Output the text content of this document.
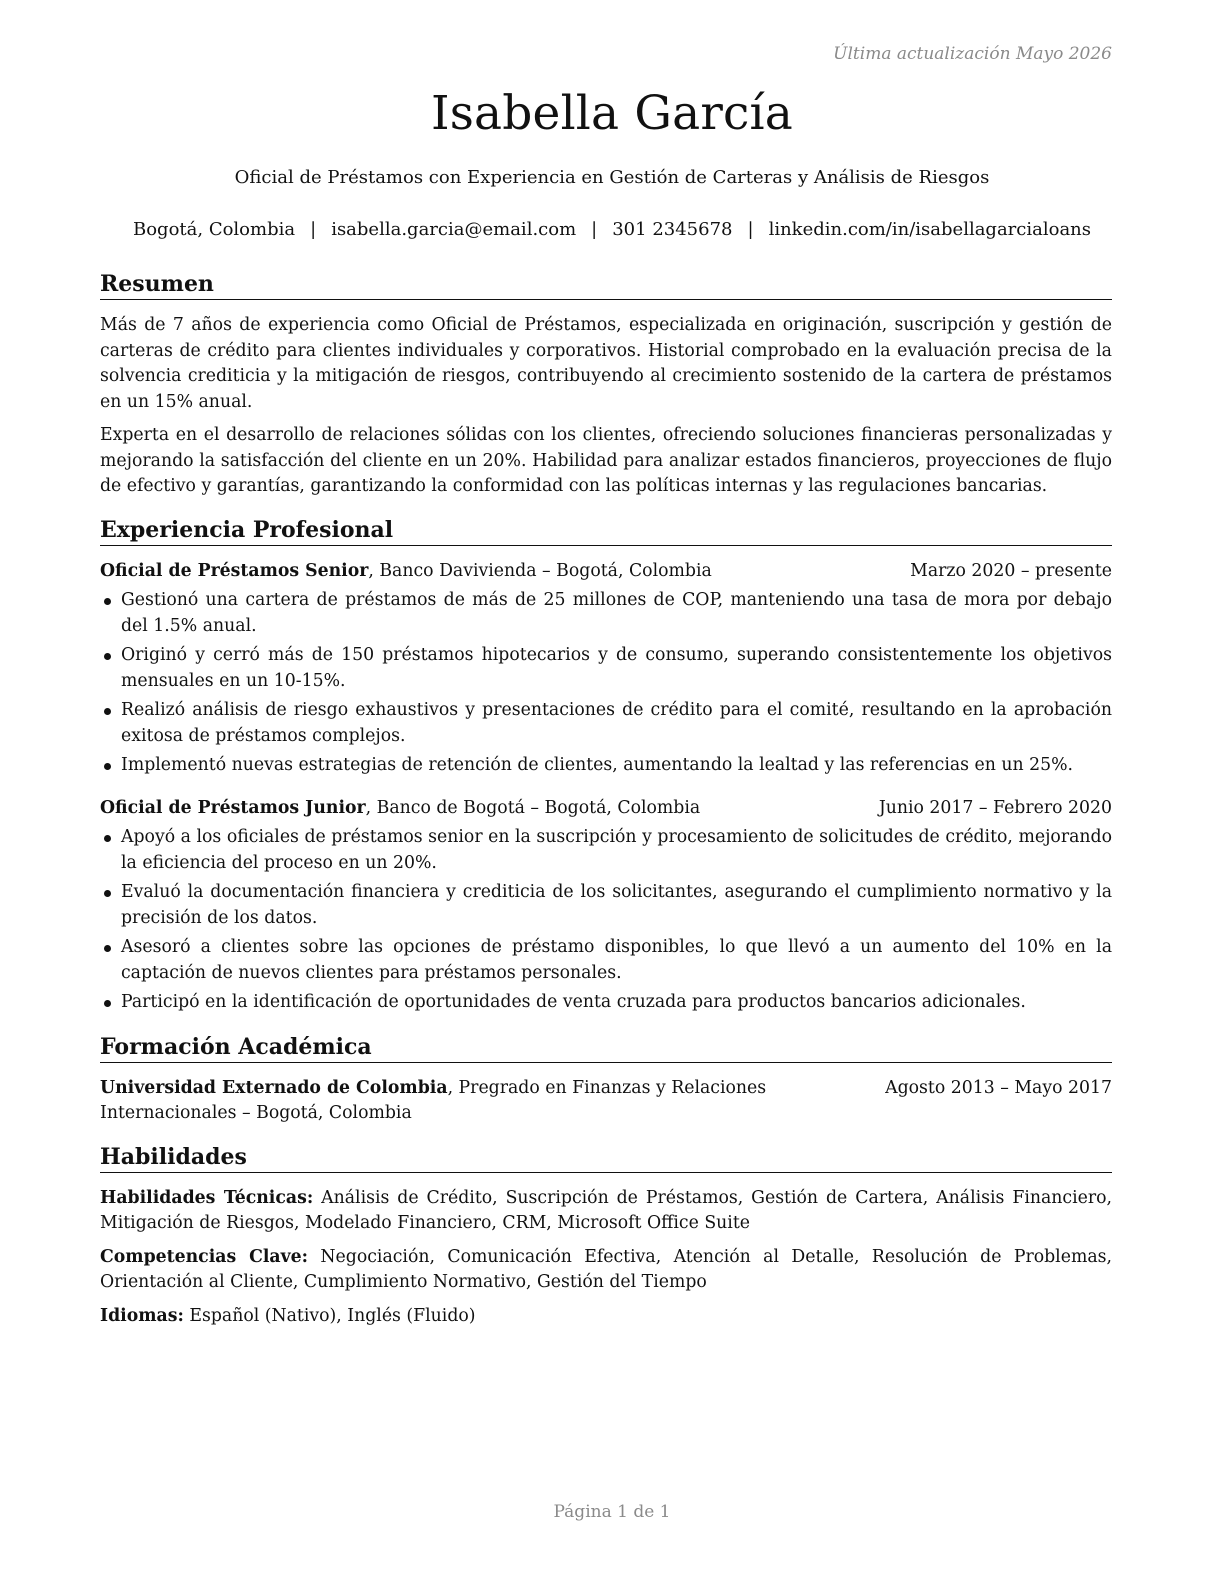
Última actualización Mayo 2026
Isabella García
Oficial de Préstamos con Experiencia en Gestión de Carteras y Análisis de Riesgos
Bogotá, Colombia | isabella.garcia@email.com | 301 2345678 | linkedin.com/in/isabellagarcialoans
Resumen

Más de 7 años de experiencia como Oficial de Préstamos, especializada en originación, suscripción y gestión de carteras de crédito para clientes individuales y corporativos. Historial comprobado en la evaluación precisa de la solvencia crediticia y la mitigación de riesgos, contribuyendo al crecimiento sostenido de la cartera de préstamos en un 15% anual.

Experta en el desarrollo de relaciones sólidas con los clientes, ofreciendo soluciones financieras personalizadas y mejorando la satisfacción del cliente en un 20%. Habilidad para analizar estados financieros, proyecciones de flujo de efectivo y garantías, garantizando la conformidad con las políticas internas y las regulaciones bancarias.

Experiencia Profesional
Oficial de Préstamos Senior, Banco Davivienda – Bogotá, Colombia	Marzo 2020 – presente
Gestionó una cartera de préstamos de más de 25 millones de COP, manteniendo una tasa de mora por debajo del 1.5% anual.
Originó y cerró más de 150 préstamos hipotecarios y de consumo, superando consistentemente los objetivos mensuales en un 10-15%.
Realizó análisis de riesgo exhaustivos y presentaciones de crédito para el comité, resultando en la aprobación exitosa de préstamos complejos.
Implementó nuevas estrategias de retención de clientes, aumentando la lealtad y las referencias en un 25%.
Oficial de Préstamos Junior, Banco de Bogotá – Bogotá, Colombia	Junio 2017 – Febrero 2020
Apoyó a los oficiales de préstamos senior en la suscripción y procesamiento de solicitudes de crédito, mejorando la eficiencia del proceso en un 20%.
Evaluó la documentación financiera y crediticia de los solicitantes, asegurando el cumplimiento normativo y la precisión de los datos.
Asesoró a clientes sobre las opciones de préstamo disponibles, lo que llevó a un aumento del 10% en la captación de nuevos clientes para préstamos personales.
Participó en la identificación de oportunidades de venta cruzada para productos bancarios adicionales.
Formación Académica
Universidad Externado de Colombia, Pregrado en Finanzas y Relaciones Internacionales – Bogotá, Colombia
Agosto 2013 – Mayo 2017
Habilidades
Habilidades Técnicas: Análisis de Crédito, Suscripción de Préstamos, Gestión de Cartera, Análisis Financiero, Mitigación de Riesgos, Modelado Financiero, CRM, Microsoft Office Suite
Competencias Clave: Negociación, Comunicación Efectiva, Atención al Detalle, Resolución de Problemas, Orientación al Cliente, Cumplimiento Normativo, Gestión del Tiempo
Idiomas: Español (Nativo), Inglés (Fluido)
Página 1 de 1
